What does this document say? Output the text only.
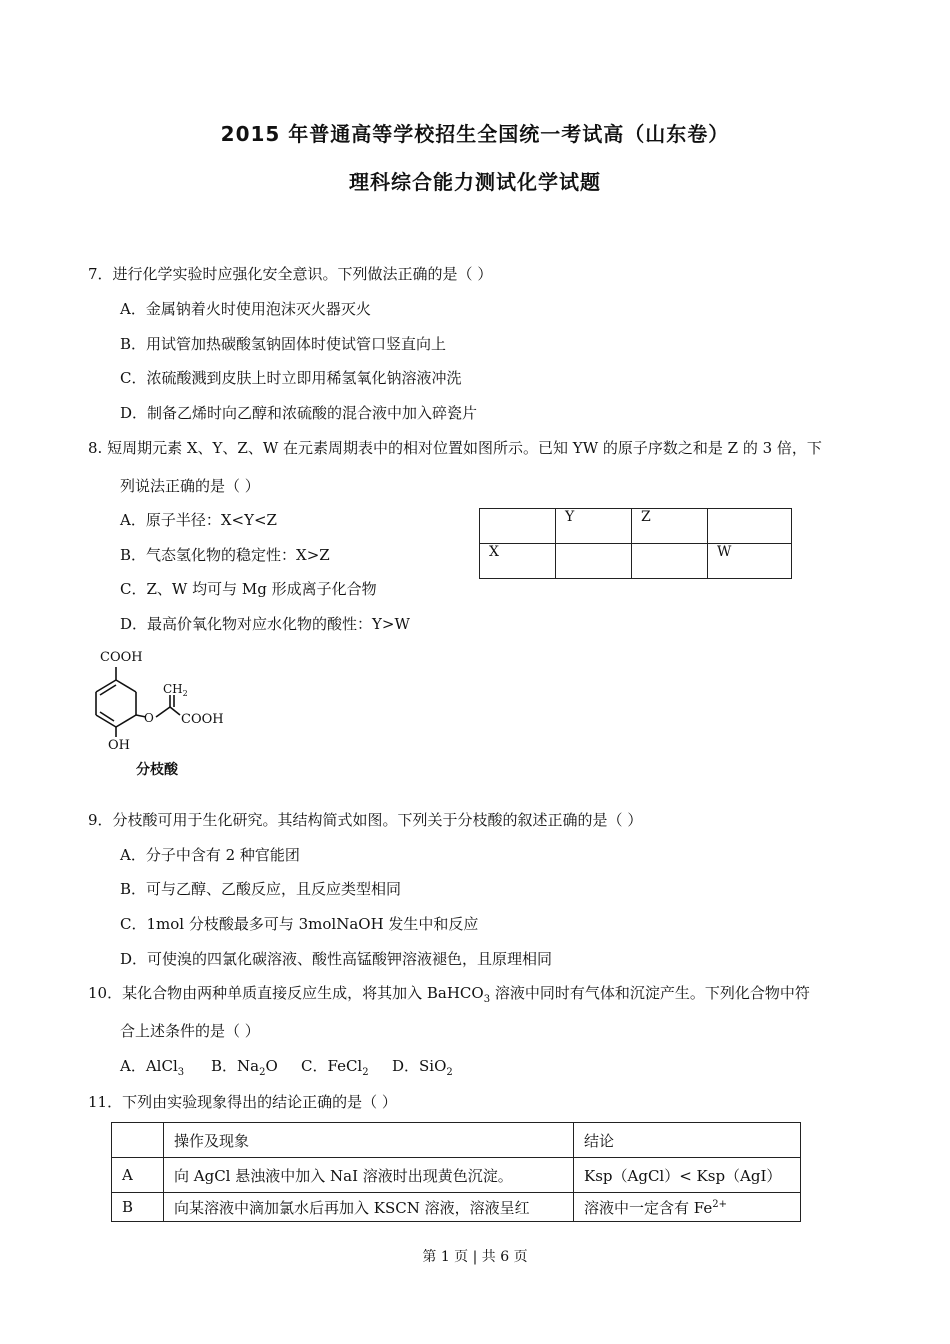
2015 年普通高等学校招生全国统一考试高（山东卷）
理科综合能力测试化学试题
7．进行化学实验时应强化安全意识。下列做法正确的是（ ）
A．金属钠着火时使用泡沫灭火器灭火
B．用试管加热碳酸氢钠固体时使试管口竖直向上
C．浓硫酸溅到皮肤上时立即用稀氢氧化钠溶液冲洗
D．制备乙烯时向乙醇和浓硫酸的混合液中加入碎瓷片
8. 短周期元素 X、Y、Z、W 在元素周期表中的相对位置如图所示。已知 YW 的原子序数之和是 Z 的 3 倍，下
列说法正确的是（ ）
A．原子半径：X<Y<Z
B．气态氢化物的稳定性：X>Z
C．Z、W 均可与 Mg 形成离子化合物
D．最高价氧化物对应水化物的酸性：Y>W
	Y	Z	
X			W
COOH
$CH_2$
O COOH
OH
分枝酸
9．分枝酸可用于生化研究。其结构简式如图。下列关于分枝酸的叙述正确的是（ ）
A．分子中含有 2 种官能团
B．可与乙醇、乙酸反应，且反应类型相同
C．1mol 分枝酸最多可与 3molNaOH 发生中和反应
D．可使溴的四氯化碳溶液、酸性高锰酸钾溶液褪色，且原理相同
10．某化合物由两种单质直接反应生成，将其加入 BaHCO$_3$ 溶液中同时有气体和沉淀产生。下列化合物中符
合上述条件的是（ ）
A．AlCl$_3$ B．$Na_2O$ C．FeCl$_2$ D．SiO$_2$
11．下列由实验现象得出的结论正确的是（ ）
	操作及现象	结论
A	向 AgCl 悬浊液中加入 NaI 溶液时出现黄色沉淀。	Ksp（AgCl）< Ksp（AgI）
B	向某溶液中滴加氯水后再加入 KSCN 溶液，溶液呈红	溶液中一定含有 $Fe^{2+}$
第 1 页 | 共 6 页
